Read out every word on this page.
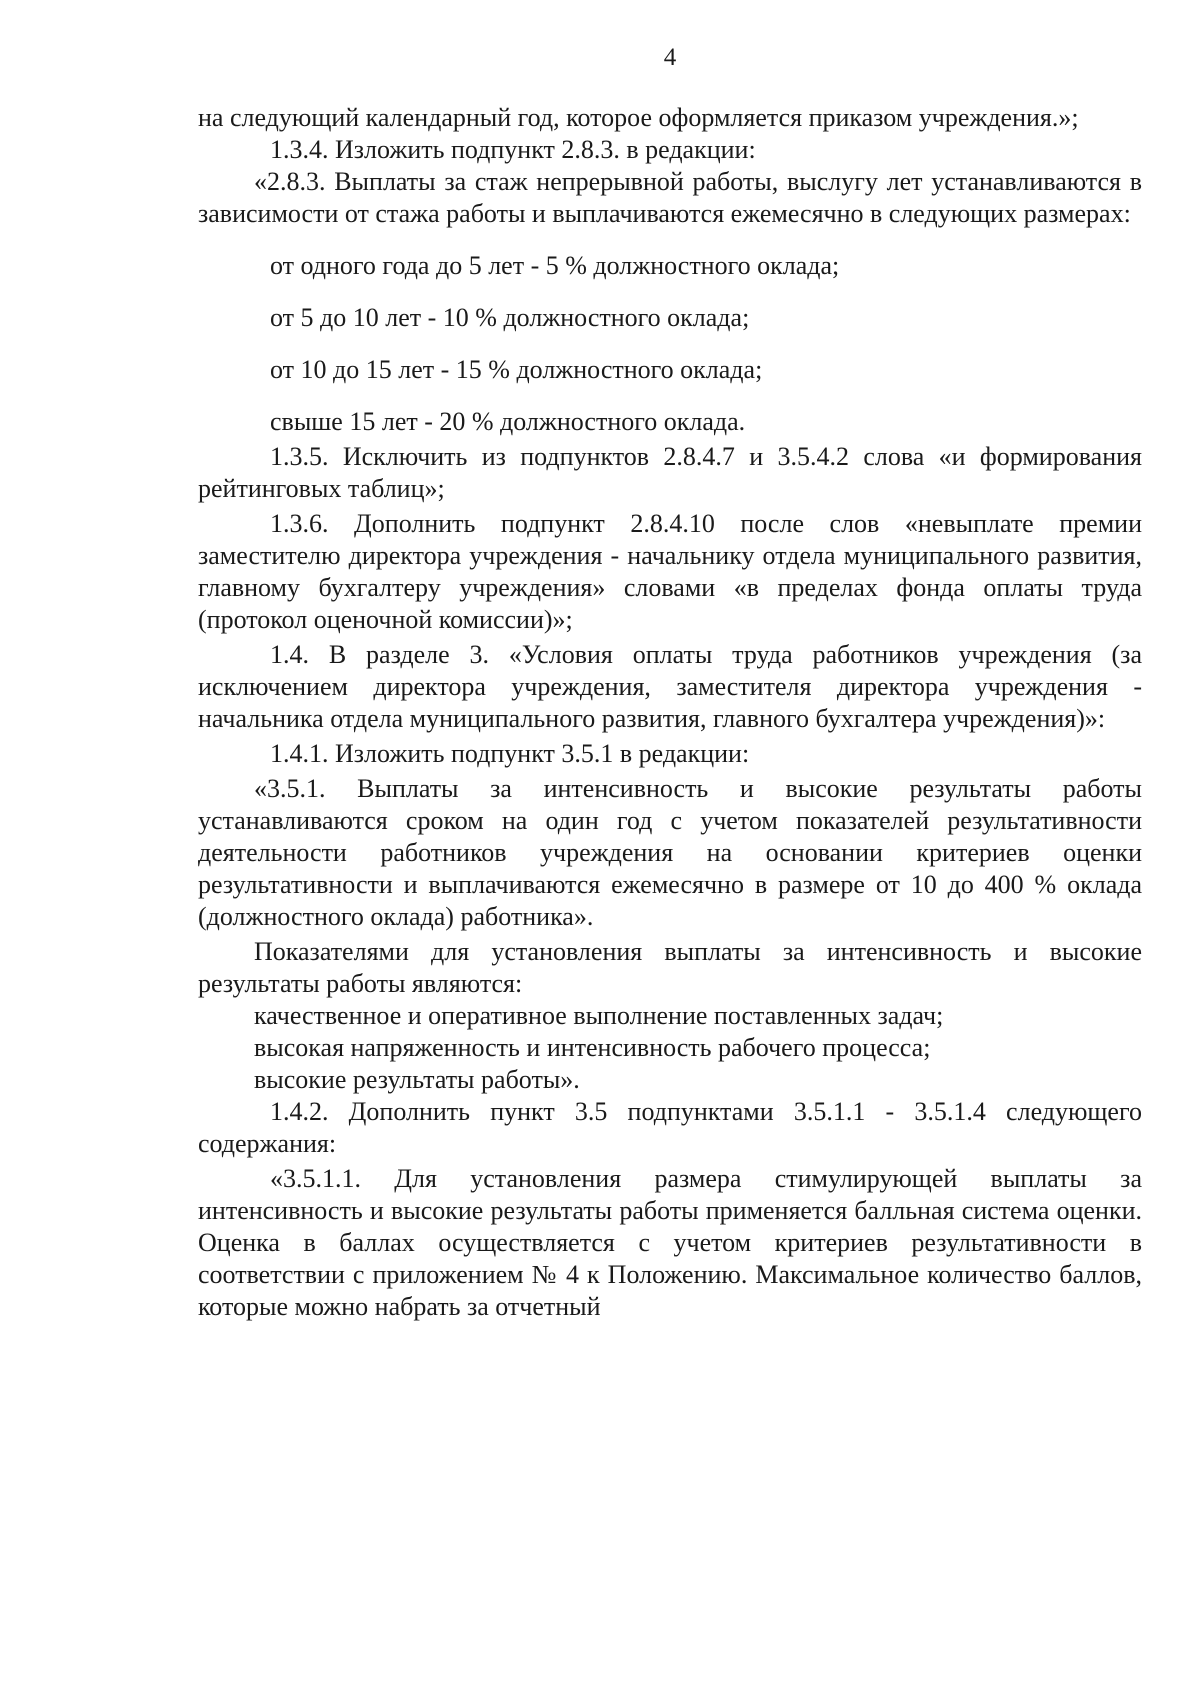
4

на следующий календарный год, которое оформляется приказом учреждения.»;

1.3.4. Изложить подпункт 2.8.3. в редакции:

«2.8.3. Выплаты за стаж непрерывной работы, выслугу лет устанавливаются в зависимости от стажа работы и выплачиваются ежемесячно в следующих размерах:

от одного года до 5 лет - 5 % должностного оклада;

от 5 до 10 лет - 10 % должностного оклада;

от 10 до 15 лет - 15 % должностного оклада;

свыше 15 лет - 20 % должностного оклада.

1.3.5. Исключить из подпунктов 2.8.4.7 и 3.5.4.2 слова «и формирования рейтинговых таблиц»;

1.3.6. Дополнить подпункт 2.8.4.10 после слов «невыплате премии заместителю директора учреждения - начальнику отдела муниципального развития, главному бухгалтеру учреждения» словами «в пределах фонда оплаты труда (протокол оценочной комиссии)»;

1.4. В разделе 3. «Условия оплаты труда работников учреждения (за исключением директора учреждения, заместителя директора учреждения - начальника отдела муниципального развития, главного бухгалтера учреждения)»:

1.4.1. Изложить подпункт 3.5.1 в редакции:

«3.5.1. Выплаты за интенсивность и высокие результаты работы устанавливаются сроком на один год с учетом показателей результативности деятельности работников учреждения на основании критериев оценки результативности и выплачиваются ежемесячно в размере от 10 до 400 % оклада (должностного оклада) работника».

Показателями для установления выплаты за интенсивность и высокие результаты работы являются:

качественное и оперативное выполнение поставленных задач;

высокая напряженность и интенсивность рабочего процесса;

высокие результаты работы».

1.4.2. Дополнить пункт 3.5 подпунктами 3.5.1.1 - 3.5.1.4 следующего содержания:

«3.5.1.1. Для установления размера стимулирующей выплаты за интенсивность и высокие результаты работы применяется балльная система оценки. Оценка в баллах осуществляется с учетом критериев результативности в соответствии с приложением № 4 к Положению. Максимальное количество баллов, которые можно набрать за отчетный
